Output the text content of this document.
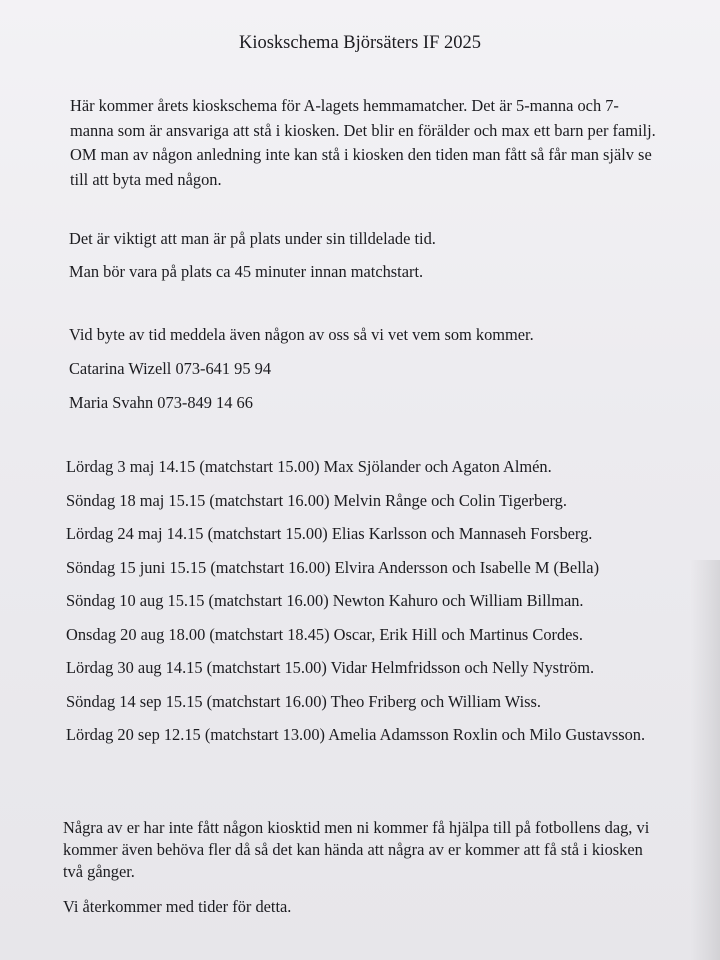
Kioskschema Björsäters IF 2025

Här kommer årets kioskschema för A-lagets hemmamatcher. Det är 5-manna och 7-manna som är ansvariga att stå i kiosken. Det blir en förälder och max ett barn per familj. OM man av någon anledning inte kan stå i kiosken den tiden man fått så får man själv se till att byta med någon.

Det är viktigt att man är på plats under sin tilldelade tid.

Man bör vara på plats ca 45 minuter innan matchstart.

Vid byte av tid meddela även någon av oss så vi vet vem som kommer.

Catarina Wizell 073-641 95 94

Maria Svahn 073-849 14 66

Lördag 3 maj 14.15 (matchstart 15.00) Max Sjölander och Agaton Almén.
Söndag 18 maj 15.15 (matchstart 16.00) Melvin Rånge och Colin Tigerberg.
Lördag 24 maj 14.15 (matchstart 15.00) Elias Karlsson och Mannaseh Forsberg.
Söndag 15 juni 15.15 (matchstart 16.00) Elvira Andersson och Isabelle M (Bella)
Söndag 10 aug 15.15 (matchstart 16.00) Newton Kahuro och William Billman.
Onsdag 20 aug 18.00 (matchstart 18.45) Oscar, Erik Hill och Martinus Cordes.
Lördag 30 aug 14.15 (matchstart 15.00) Vidar Helmfridsson och Nelly Nyström.
Söndag 14 sep 15.15 (matchstart 16.00) Theo Friberg och William Wiss.
Lördag 20 sep 12.15 (matchstart 13.00) Amelia Adamsson Roxlin och Milo Gustavsson.

Några av er har inte fått någon kiosktid men ni kommer få hjälpa till på fotbollens dag, vi kommer även behöva fler då så det kan hända att några av er kommer att få stå i kiosken två gånger.

Vi återkommer med tider för detta.
